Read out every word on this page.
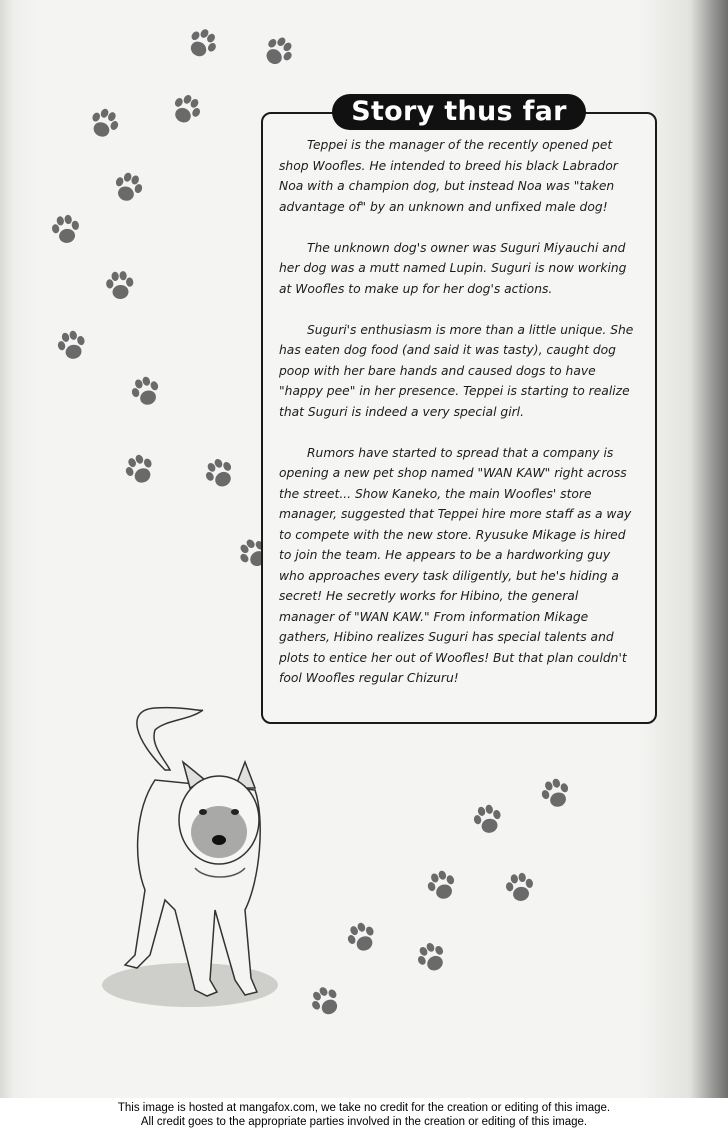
Story thus far

Teppei is the manager of the recently opened pet shop Woofles. He intended to breed his black Labrador Noa with a champion dog, but instead Noa was "taken advantage of" by an unknown and unfixed male dog!

The unknown dog's owner was Suguri Miyauchi and her dog was a mutt named Lupin. Suguri is now working at Woofles to make up for her dog's actions.

Suguri's enthusiasm is more than a little unique. She has eaten dog food (and said it was tasty), caught dog poop with her bare hands and caused dogs to have "happy pee" in her presence. Teppei is starting to realize that Suguri is indeed a very special girl.

Rumors have started to spread that a company is opening a new pet shop named "WAN KAW" right across the street... Show Kaneko, the main Woofles' store manager, suggested that Teppei hire more staff as a way to compete with the new store. Ryusuke Mikage is hired to join the team. He appears to be a hardworking guy who approaches every task diligently, but he's hiding a secret! He secretly works for Hibino, the general manager of "WAN KAW." From information Mikage gathers, Hibino realizes Suguri has special talents and plots to entice her out of Woofles! But that plan couldn't fool Woofles regular Chizuru!

This image is hosted at mangafox.com, we take no credit for the creation or editing of this image.
All credit goes to the appropriate parties involved in the creation or editing of this image.
